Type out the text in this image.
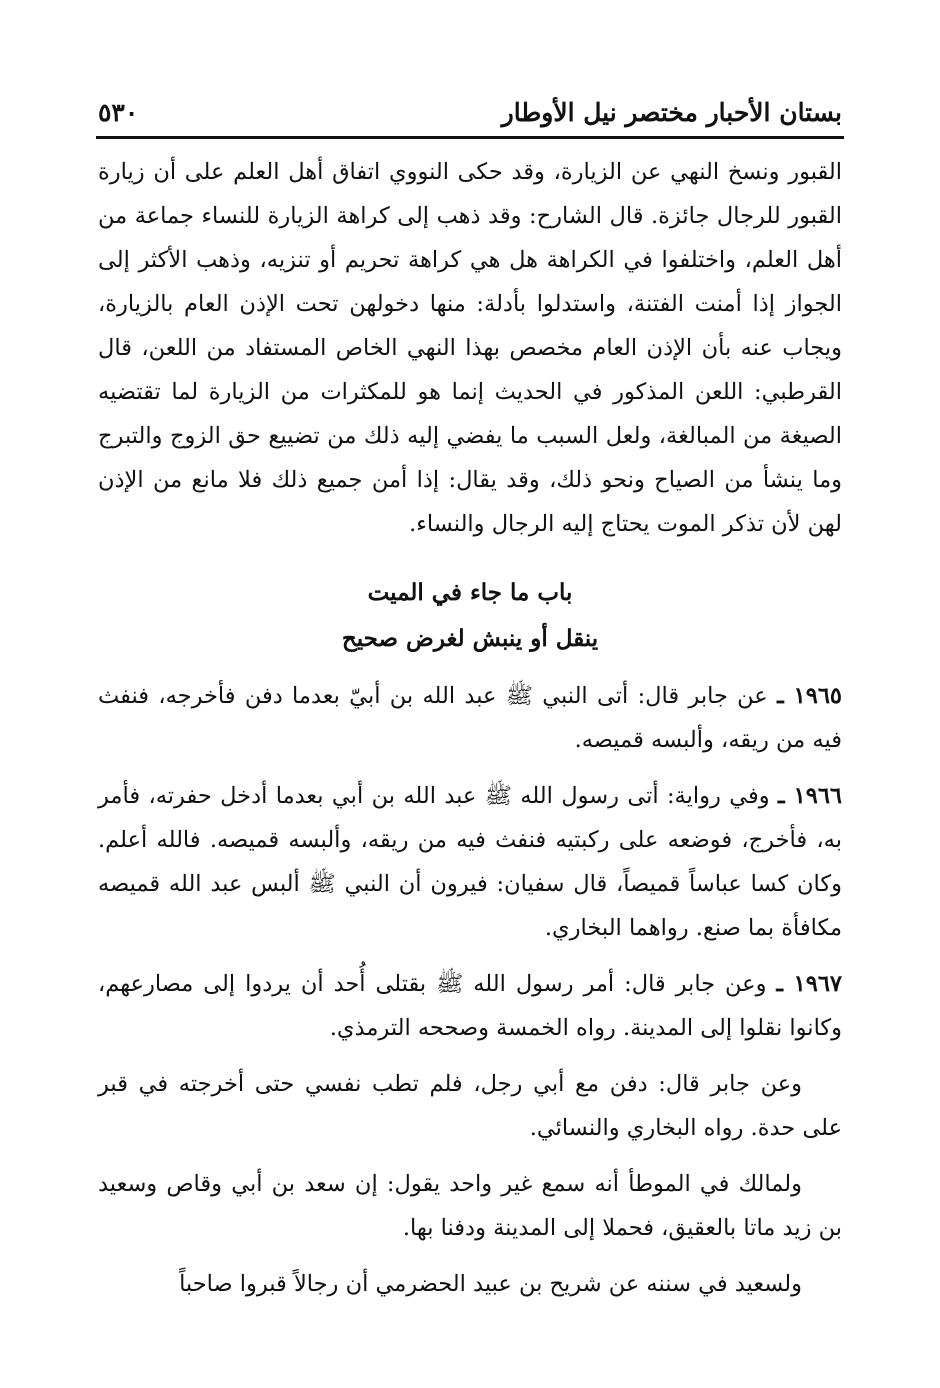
بستان الأحبار مختصر نيل الأوطار
٥٣٠

القبور ونسخ النهي عن الزيارة، وقد حكى النووي اتفاق أهل العلم على أن زيارة القبور للرجال جائزة. قال الشارح: وقد ذهب إلى كراهة الزيارة للنساء جماعة من أهل العلم، واختلفوا في الكراهة هل هي كراهة تحريم أو تنزيه، وذهب الأكثر إلى الجواز إذا أمنت الفتنة، واستدلوا بأدلة: منها دخولهن تحت الإذن العام بالزيارة، ويجاب عنه بأن الإذن العام مخصص بهذا النهي الخاص المستفاد من اللعن، قال القرطبي: اللعن المذكور في الحديث إنما هو للمكثرات من الزيارة لما تقتضيه الصيغة من المبالغة، ولعل السبب ما يفضي إليه ذلك من تضييع حق الزوج والتبرج وما ينشأ من الصياح ونحو ذلك، وقد يقال: إذا أمن جميع ذلك فلا مانع من الإذن لهن لأن تذكر الموت يحتاج إليه الرجال والنساء.

باب ما جاء في الميت
ينقل أو ينبش لغرض صحيح

١٩٦٥ ـ عن جابر قال: أتى النبي ﷺ عبد الله بن أبيّ بعدما دفن فأخرجه، فنفث فيه من ريقه، وألبسه قميصه.

١٩٦٦ ـ وفي رواية: أتى رسول الله ﷺ عبد الله بن أبي بعدما أدخل حفرته، فأمر به، فأخرج، فوضعه على ركبتيه فنفث فيه من ريقه، وألبسه قميصه. فالله أعلم. وكان كسا عباساً قميصاً، قال سفيان: فيرون أن النبي ﷺ ألبس عبد الله قميصه مكافأة بما صنع. رواهما البخاري.

١٩٦٧ ـ وعن جابر قال: أمر رسول الله ﷺ بقتلى أُحد أن يردوا إلى مصارعهم، وكانوا نقلوا إلى المدينة. رواه الخمسة وصححه الترمذي.

وعن جابر قال: دفن مع أبي رجل، فلم تطب نفسي حتى أخرجته في قبر على حدة. رواه البخاري والنسائي.

ولمالك في الموطأ أنه سمع غير واحد يقول: إن سعد بن أبي وقاص وسعيد بن زيد ماتا بالعقيق، فحملا إلى المدينة ودفنا بها.

ولسعيد في سننه عن شريح بن عبيد الحضرمي أن رجالاً قبروا صاحباً
